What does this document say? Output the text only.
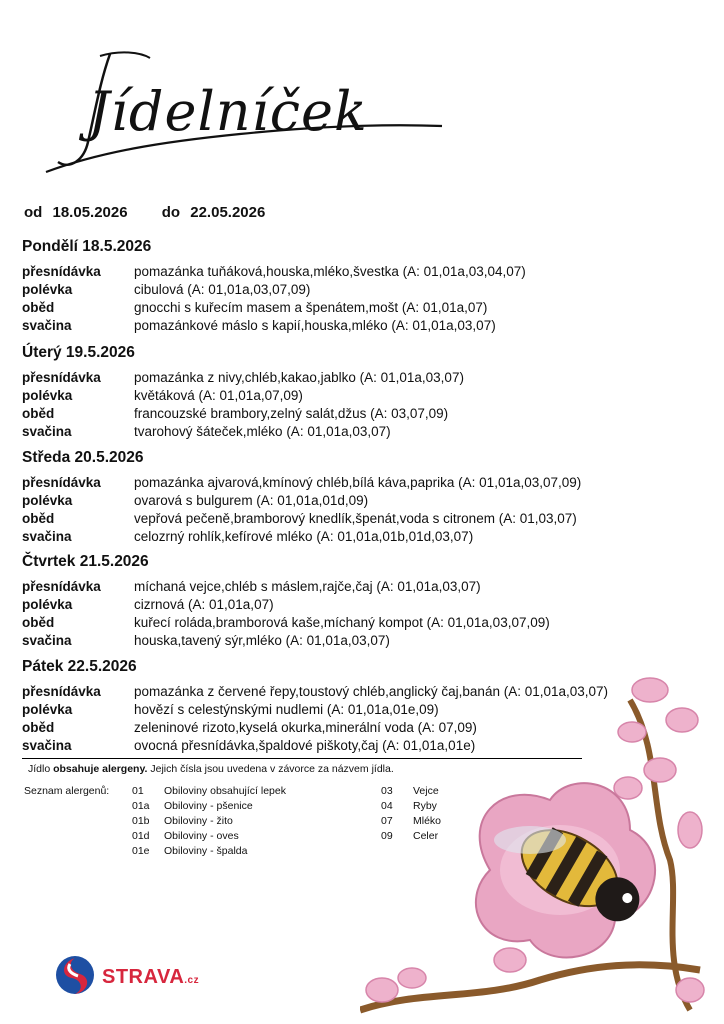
Jídelníček
od 18.05.2026 do 22.05.2026
Pondělí 18.5.2026
přesnídávka pomazánka tuňáková,houska,mléko,švestka (A: 01,01a,03,04,07)
polévka	cibulová (A: 01,01a,03,07,09)
oběd	gnocchi s kuřecím masem a špenátem,mošt (A: 01,01a,07)
svačina	pomazánkové máslo s kapií,houska,mléko (A: 01,01a,03,07)
Úterý 19.5.2026
přesnídávka pomazánka z nivy,chléb,kakao,jablko (A: 01,01a,03,07)
polévka	květáková (A: 01,01a,07,09)
oběd	francouzské brambory,zelný salát,džus (A: 03,07,09)
svačina	tvarohový šáteček,mléko (A: 01,01a,03,07)
Středa 20.5.2026
přesnídávka pomazánka ajvarová,kmínový chléb,bílá káva,paprika (A: 01,01a,03,07,09)
polévka	ovarová s bulgurem (A: 01,01a,01d,09)
oběd	vepřová pečeně,bramborový knedlík,špenát,voda s citronem (A: 01,03,07)
svačina	celozrný rohlík,kefírové mléko (A: 01,01a,01b,01d,03,07)
Čtvrtek 21.5.2026
přesnídávka míchaná vejce,chléb s máslem,rajče,čaj (A: 01,01a,03,07)
polévka	cizrnová (A: 01,01a,07)
oběd	kuřecí roláda,bramborová kaše,míchaný kompot (A: 01,01a,03,07,09)
svačina	houska,tavený sýr,mléko (A: 01,01a,03,07)
Pátek 22.5.2026
přesnídávka pomazánka z červené řepy,toustový chléb,anglický čaj,banán (A: 01,01a,03,07)
polévka	hovězí s celestýnskými nudlemi (A: 01,01a,01e,09)
oběd	zeleninové rizoto,kyselá okurka,minerální voda (A: 07,09)
svačina	ovocná přesnídávka,špaldové piškoty,čaj (A: 01,01a,01e)
Jídlo obsahuje alergeny. Jejich čísla jsou uvedena v závorce za názvem jídla.
Seznam alergenů: 01 Obiloviny obsahující lepek
01a Obiloviny - pšenice
01b Obiloviny - žito
01d Obiloviny - oves
01e Obiloviny - špalda
03 Vejce
04 Ryby
07 Mléko
09 Celer
STRAVA.cz
